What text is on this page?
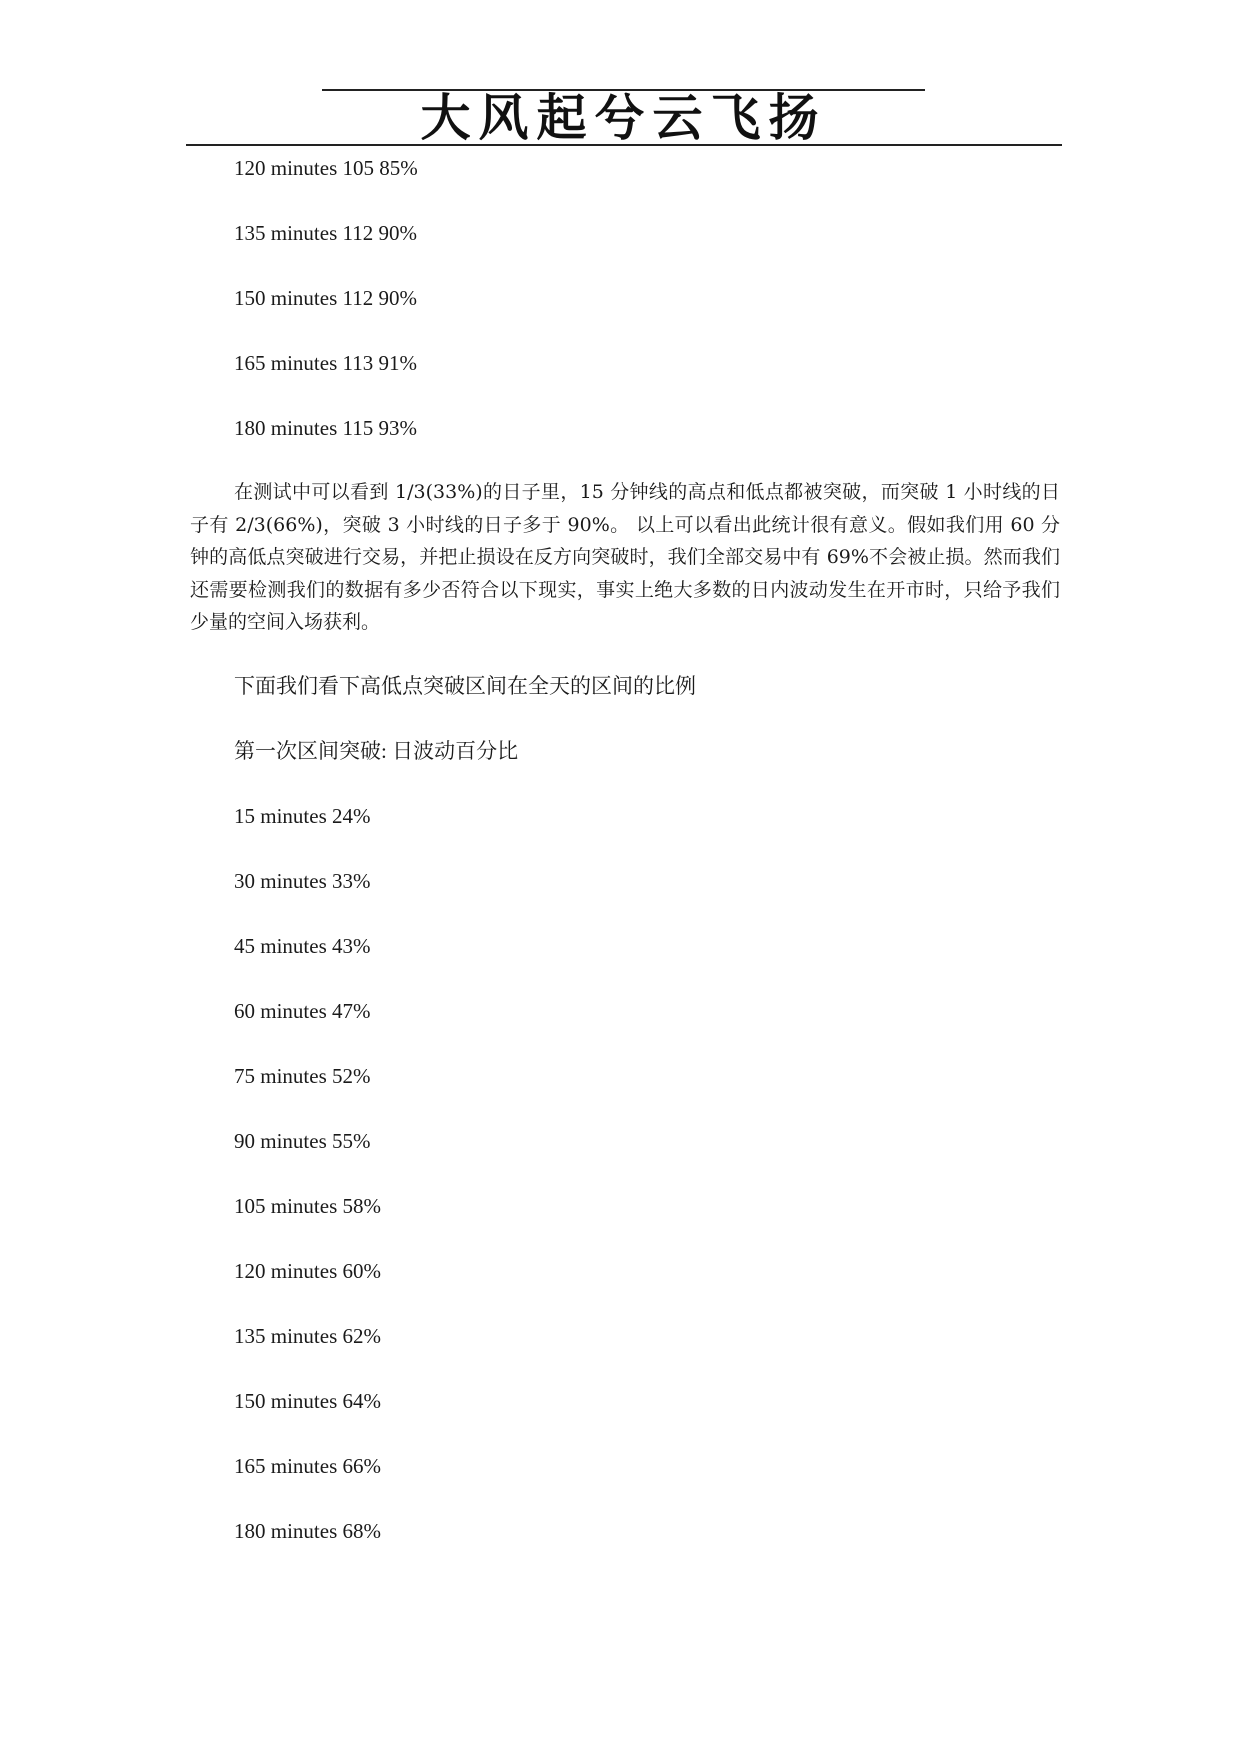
大风起兮云飞扬
120 minutes 105 85%
135 minutes 112 90%
150 minutes 112 90%
165 minutes 113 91%
180 minutes 115 93%
在测试中可以看到 1/3(33%)的日子里，15 分钟线的高点和低点都被突破，而突破 1 小时线的日子有 2/3(66%)，突破 3 小时线的日子多于 90%。 以上可以看出此统计很有意义。假如我们用 60 分钟的高低点突破进行交易，并把止损设在反方向突破时，我们全部交易中有 69%不会被止损。然而我们还需要检测我们的数据有多少否符合以下现实，事实上绝大多数的日内波动发生在开市时，只给予我们少量的空间入场获利。
下面我们看下高低点突破区间在全天的区间的比例
第一次区间突破: 日波动百分比
15 minutes 24%
30 minutes 33%
45 minutes 43%
60 minutes 47%
75 minutes 52%
90 minutes 55%
105 minutes 58%
120 minutes 60%
135 minutes 62%
150 minutes 64%
165 minutes 66%
180 minutes 68%
